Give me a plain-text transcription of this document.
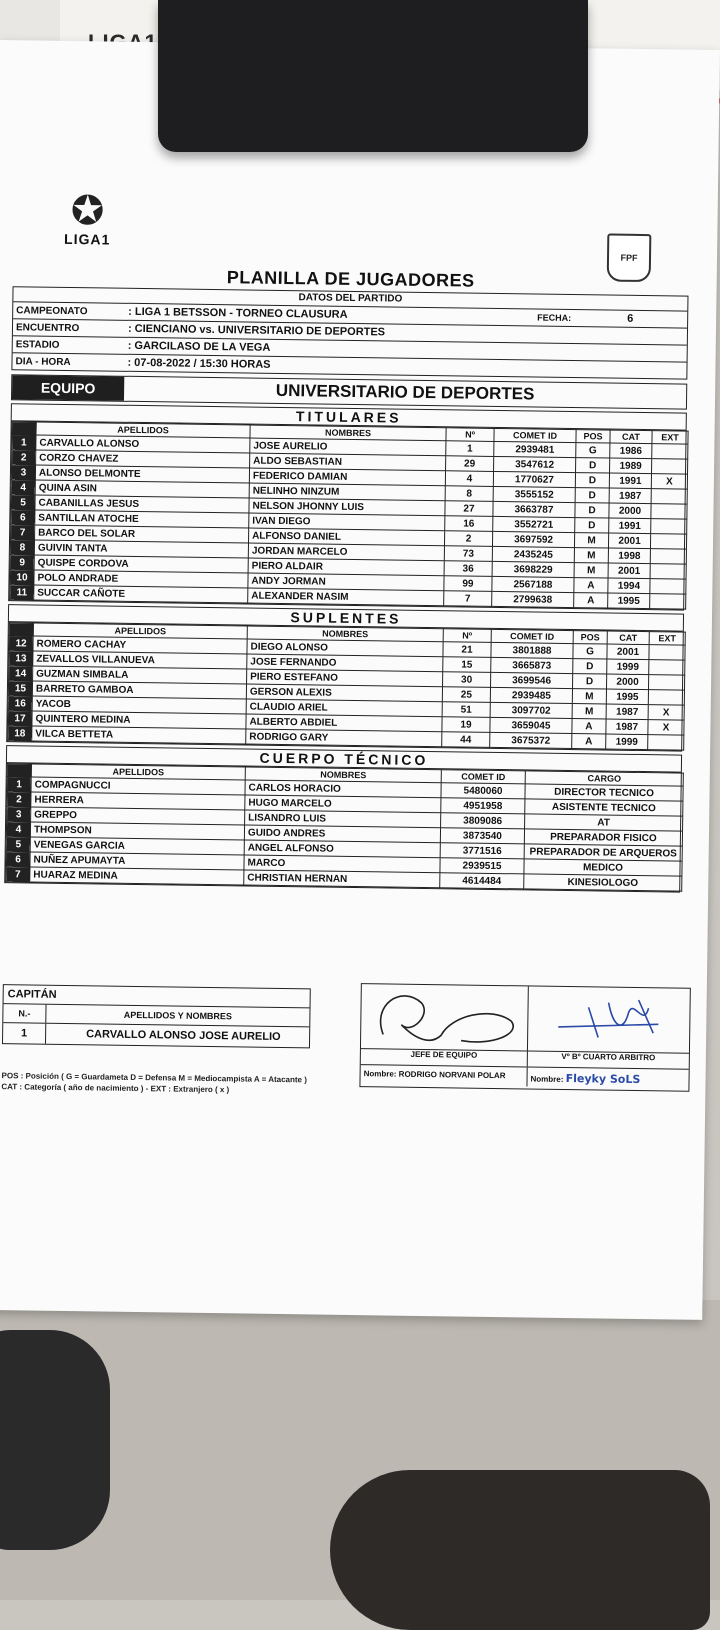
✪
LIGA1
FPF
PLANILLA DE JUGADORES
DATOS DEL PARTIDO
CAMPEONATO	: LIGA 1 BETSSON - TORNEO CLAUSURA	FECHA:	6
ENCUENTRO	: CIENCIANO vs. UNIVERSITARIO DE DEPORTES
ESTADIO	: GARCILASO DE LA VEGA
DIA - HORA	: 07-08-2022 / 15:30 HORAS
EQUIPO	UNIVERSITARIO DE DEPORTES
TITULARES
	APELLIDOS	NOMBRES	Nº	COMET ID	POS	CAT	EXT
1	CARVALLO ALONSO	JOSE AURELIO	1	2939481	G	1986	
2	CORZO CHAVEZ	ALDO SEBASTIAN	29	3547612	D	1989	
3	ALONSO DELMONTE	FEDERICO DAMIAN	4	1770627	D	1991	X
4	QUINA ASIN	NELINHO NINZUM	8	3555152	D	1987	
5	CABANILLAS JESUS	NELSON JHONNY LUIS	27	3663787	D	2000	
6	SANTILLAN ATOCHE	IVAN DIEGO	16	3552721	D	1991	
7	BARCO DEL SOLAR	ALFONSO DANIEL	2	3697592	M	2001	
8	GUIVIN TANTA	JORDAN MARCELO	73	2435245	M	1998	
9	QUISPE CORDOVA	PIERO ALDAIR	36	3698229	M	2001	
10	POLO ANDRADE	ANDY JORMAN	99	2567188	A	1994	
11	SUCCAR CAÑOTE	ALEXANDER NASIM	7	2799638	A	1995	
SUPLENTES
	APELLIDOS	NOMBRES	Nº	COMET ID	POS	CAT	EXT
12	ROMERO CACHAY	DIEGO ALONSO	21	3801888	G	2001	
13	ZEVALLOS VILLANUEVA	JOSE FERNANDO	15	3665873	D	1999	
14	GUZMAN SIMBALA	PIERO ESTEFANO	30	3699546	D	2000	
15	BARRETO GAMBOA	GERSON ALEXIS	25	2939485	M	1995	
16	YACOB	CLAUDIO ARIEL	51	3097702	M	1987	X
17	QUINTERO MEDINA	ALBERTO ABDIEL	19	3659045	A	1987	X
18	VILCA BETTETA	RODRIGO GARY	44	3675372	A	1999	
CUERPO TÉCNICO
	APELLIDOS	NOMBRES	COMET ID	CARGO
1	COMPAGNUCCI	CARLOS HORACIO	5480060	DIRECTOR TECNICO
2	HERRERA	HUGO MARCELO	4951958	ASISTENTE TECNICO
3	GREPPO	LISANDRO LUIS	3809086	AT
4	THOMPSON	GUIDO ANDRES	3873540	PREPARADOR FISICO
5	VENEGAS GARCIA	ANGEL ALFONSO	3771516	PREPARADOR DE ARQUEROS
6	NUÑEZ APUMAYTA	MARCO	2939515	MEDICO
7	HUARAZ MEDINA	CHRISTIAN HERNAN	4614484	KINESIOLOGO
CAPITÁN
N.-	APELLIDOS Y NOMBRES
1	CARVALLO ALONSO JOSE AURELIO
JEFE DE EQUIPO
Nombre: RODRIGO NORVANI POLAR
Vº Bº CUARTO ARBITRO
Nombre: Fleyky SoLS
POS : Posición ( G = Guardameta D = Defensa M = Mediocampista A = Atacante )
CAT : Categoría ( año de nacimiento ) - EXT : Extranjero ( x )
